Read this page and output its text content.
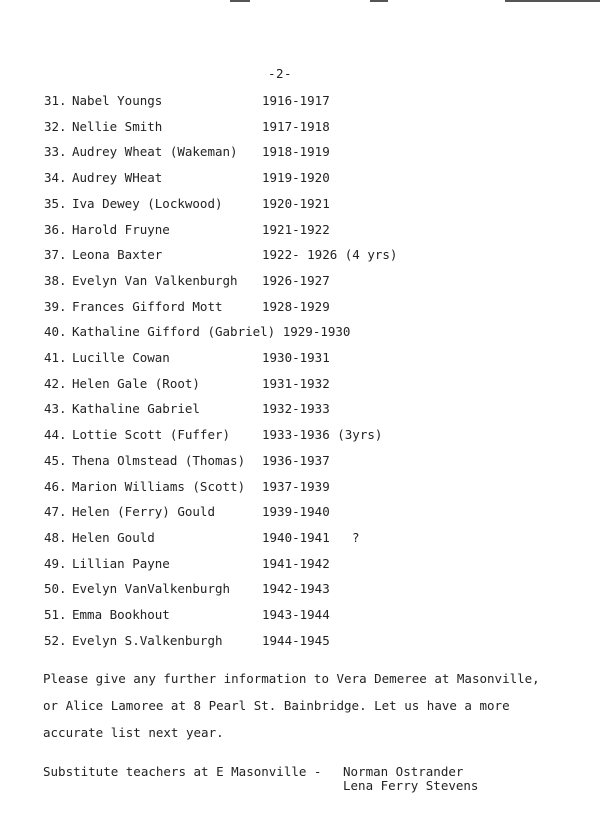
-2-
31. Nabel Youngs	1916-1917
32. Nellie Smith	1917-1918
33. Audrey Wheat (Wakeman) 1918-1919
34. Audrey WHeat	1919-1920
35. Iva Dewey (Lockwood)	1920-1921
36. Harold Fruyne	1921-1922
37. Leona Baxter	1922- 1926 (4 yrs)
38. Evelyn Van Valkenburgh 1926-1927
39. Frances Gifford Mott	1928-1929
40. Kathaline Gifford (Gabriel) 1929-1930
41. Lucille Cowan	1930-1931
42. Helen Gale (Root)	1931-1932
43. Kathaline Gabriel	1932-1933
44. Lottie Scott (Fuffer)	1933-1936 (3yrs)
45. Thena Olmstead (Thomas) 1936-1937
46. Marion Williams (Scott) 1937-1939
47. Helen (Ferry) Gould	1939-1940
48. Helen Gould	1940-1941 ?
49. Lillian Payne	1941-1942
50. Evelyn VanValkenburgh	1942-1943
51. Emma Bookhout	1943-1944
52. Evelyn S.Valkenburgh	1944-1945
Please give any further information to Vera Demeree at Masonville,
or Alice Lamoree at 8 Pearl St. Bainbridge. Let us have a more
accurate list next year.
Substitute teachers at E Masonville - Norman Ostrander
Lena Ferry Stevens
